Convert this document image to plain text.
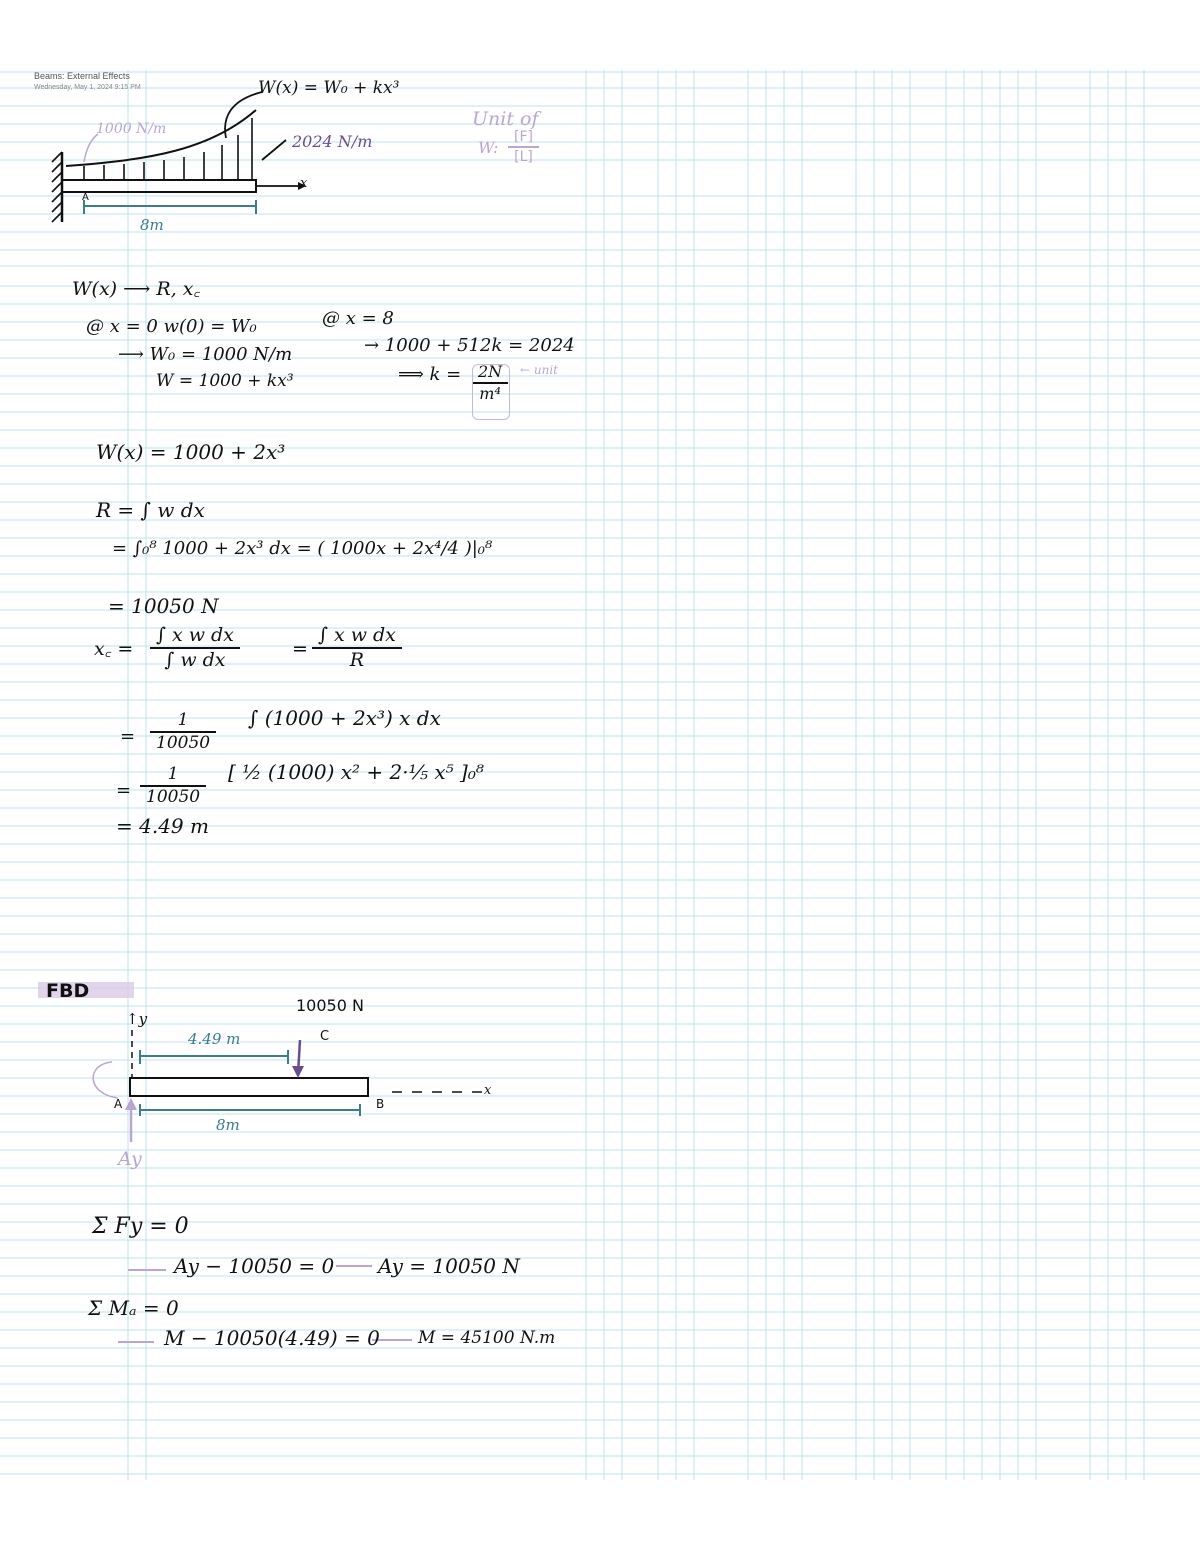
Beams: External Effects
Wednesday, May 1, 2024 9:15 PM	W(x) = W₀ + kx³
1000 N/m
2024 N/m
A
x
8m
Unit of
W: $\frac{[F]}{[L]}$
W(x) ⟶ R, x꜀
@ x = 0 w(0) = W₀
⟶ W₀ = 1000 N/m
W = 1000 + kx³
@ x = 8
→ 1000 + 512k = 2024
⟹ $k = \frac{2N}{\text{m⁴}}$ ← unit
W(x) = 1000 + 2x³
R = ∫ w dx
= ∫₀⁸ 1000 + 2x³ dx = ( 1000x + 2x⁴/4 )|₀⁸
= 10050 N
x꜀ = $\frac{\text{∫ x w dx}}{\text{∫ w dx}}$	= $\frac{\text{∫ x w dx}}{R}$
= $\frac{1}{10050}$ ∫ (1000 + 2x³) x dx
= $\frac{1}{10050}$ [ ½ (1000) x² + 2·⅕ x⁵ ]₀⁸
= 4.49 m
FBD
↑y
10050 N
C
4.49 m
8m
A	B
x
Ay
Σ Fy = 0
Ay − 10050 = 0 Ay = 10050 N
Σ Mₐ = 0
M − 10050(4.49) = 0 M = 45100 N.m
